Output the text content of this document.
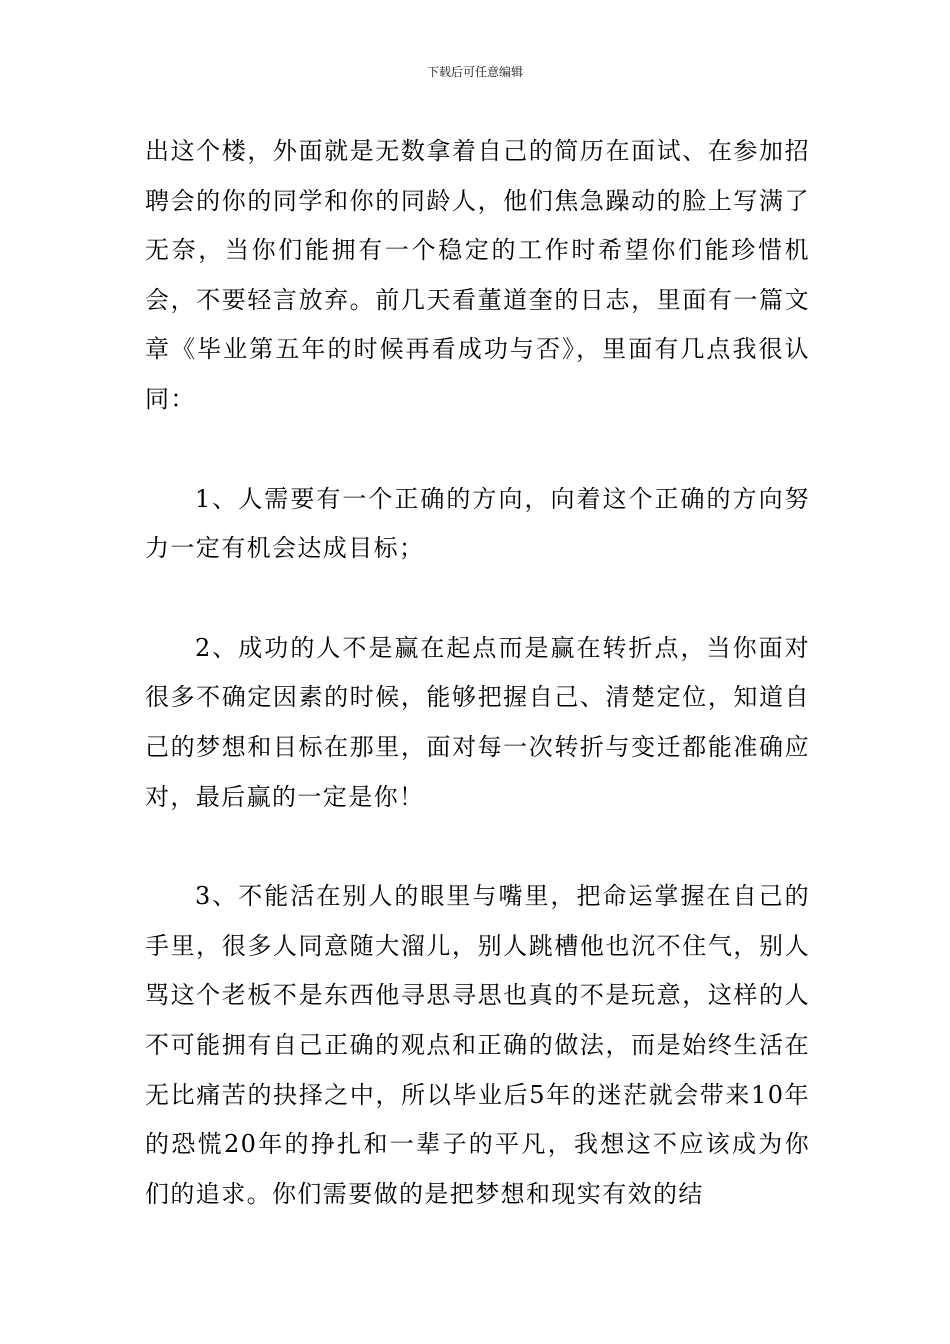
下载后可任意编辑

出这个楼，外面就是无数拿着自己的简历在面试、在参加招聘会的你的同学和你的同龄人，他们焦急躁动的脸上写满了无奈，当你们能拥有一个稳定的工作时希望你们能珍惜机会，不要轻言放弃。前几天看董道奎的日志，里面有一篇文章《毕业第五年的时候再看成功与否》，里面有几点我很认同：

1、人需要有一个正确的方向，向着这个正确的方向努力一定有机会达成目标；

2、成功的人不是赢在起点而是赢在转折点，当你面对很多不确定因素的时候，能够把握自己、清楚定位，知道自己的梦想和目标在那里，面对每一次转折与变迁都能准确应对，最后赢的一定是你！

3、不能活在别人的眼里与嘴里，把命运掌握在自己的手里，很多人同意随大溜儿，别人跳槽他也沉不住气，别人骂这个老板不是东西他寻思寻思也真的不是玩意，这样的人不可能拥有自己正确的观点和正确的做法，而是始终生活在无比痛苦的抉择之中，所以毕业后5年的迷茫就会带来10年的恐慌20年的挣扎和一辈子的平凡，我想这不应该成为你们的追求。你们需要做的是把梦想和现实有效的结
